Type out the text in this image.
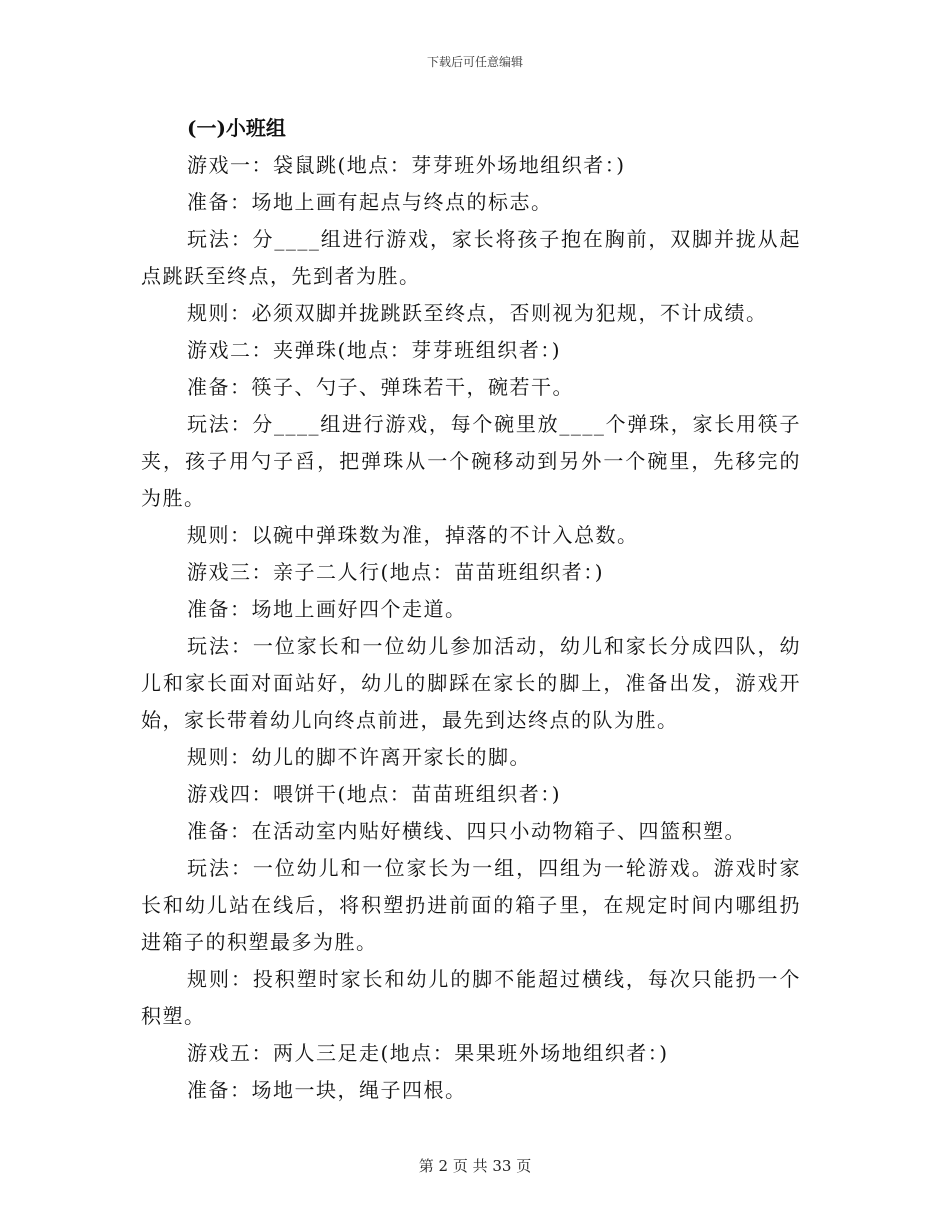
下载后可任意编辑

(一)小班组

游戏一：袋鼠跳(地点：芽芽班外场地组织者：)

准备：场地上画有起点与终点的标志。

玩法：分____组进行游戏，家长将孩子抱在胸前，双脚并拢从起点跳跃至终点，先到者为胜。

规则：必须双脚并拢跳跃至终点，否则视为犯规，不计成绩。

游戏二：夹弹珠(地点：芽芽班组织者：)

准备：筷子、勺子、弹珠若干，碗若干。

玩法：分____组进行游戏，每个碗里放____个弹珠，家长用筷子夹，孩子用勺子舀，把弹珠从一个碗移动到另外一个碗里，先移完的为胜。

规则：以碗中弹珠数为准，掉落的不计入总数。

游戏三：亲子二人行(地点：苗苗班组织者：)

准备：场地上画好四个走道。

玩法：一位家长和一位幼儿参加活动，幼儿和家长分成四队，幼儿和家长面对面站好，幼儿的脚踩在家长的脚上，准备出发，游戏开始，家长带着幼儿向终点前进，最先到达终点的队为胜。

规则：幼儿的脚不许离开家长的脚。

游戏四：喂饼干(地点：苗苗班组织者：)

准备：在活动室内贴好横线、四只小动物箱子、四篮积塑。

玩法：一位幼儿和一位家长为一组，四组为一轮游戏。游戏时家长和幼儿站在线后，将积塑扔进前面的箱子里，在规定时间内哪组扔进箱子的积塑最多为胜。

规则：投积塑时家长和幼儿的脚不能超过横线，每次只能扔一个积塑。

游戏五：两人三足走(地点：果果班外场地组织者：)

准备：场地一块，绳子四根。

第 2 页 共 33 页
